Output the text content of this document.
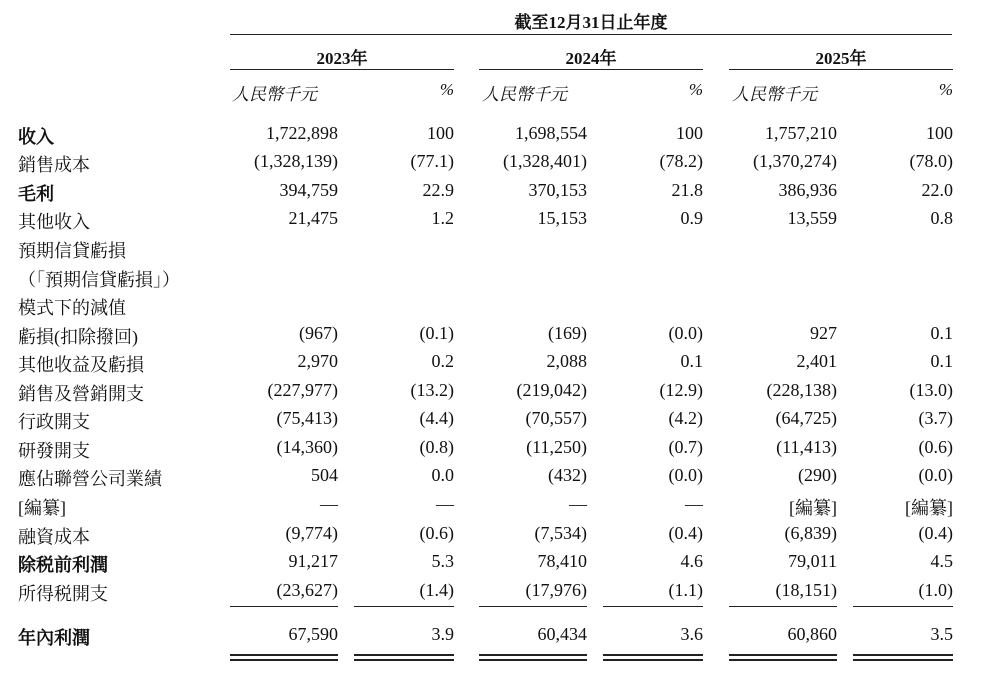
截至12月31日止年度
2023年	2024年	2025年
人民幣千元	% 人民幣千元	% 人民幣千元	%
收入	1,722,898	100	1,698,554	100	1,757,210	100
銷售成本	(1,328,139)	(77.1)	(1,328,401)	(78.2)	(1,370,274)	(78.0)
毛利	394,759	22.9	370,153	21.8	386,936	22.0
其他收入	21,475	1.2	15,153	0.9	13,559	0.8
預期信貸虧損
（「預期信貸虧損」）
模式下的減值
虧損(扣除撥回)	(967)	(0.1)	(169)	(0.0)	927	0.1
其他收益及虧損	2,970	0.2	2,088	0.1	2,401	0.1
銷售及營銷開支	(227,977)	(13.2)	(219,042)	(12.9)	(228,138)	(13.0)
行政開支	(75,413)	(4.4)	(70,557)	(4.2)	(64,725)	(3.7)
研發開支	(14,360)	(0.8)	(11,250)	(0.7)	(11,413)	(0.6)
應佔聯營公司業績	504	0.0	(432)	(0.0)	(290)	(0.0)
[編纂]	—	—	—	—	[編纂]	[編纂]
融資成本	(9,774)	(0.6)	(7,534)	(0.4)	(6,839)	(0.4)
除税前利潤	91,217	5.3	78,410	4.6	79,011	4.5
所得税開支	(23,627)	(1.4)	(17,976)	(1.1)	(18,151)	(1.0)
年內利潤	67,590	3.9	60,434	3.6	60,860	3.5
